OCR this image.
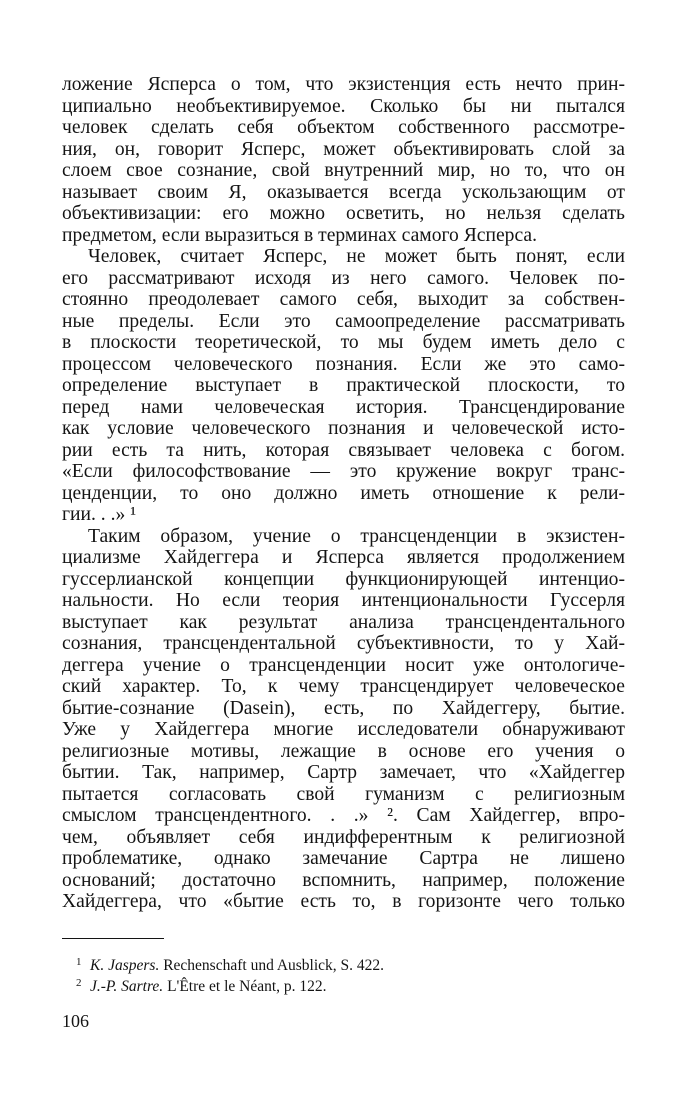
ложение Ясперса о том, что экзистенция есть нечто прин-
ципиально необъективируемое. Сколько бы ни пытался
человек сделать себя объектом собственного рассмотре-
ния, он, говорит Ясперс, может объективировать слой за
слоем свое сознание, свой внутренний мир, но то, что он
называет своим Я, оказывается всегда ускользающим от
объективизации: его можно осветить, но нельзя сделать
предметом, если выразиться в терминах самого Ясперса.
Человек, считает Ясперс, не может быть понят, если
его рассматривают исходя из него самого. Человек по-
стоянно преодолевает самого себя, выходит за собствен-
ные пределы. Если это самоопределение рассматривать
в плоскости теоретической, то мы будем иметь дело с
процессом человеческого познания. Если же это само-
определение выступает в практической плоскости, то
перед нами человеческая история. Трансцендирование
как условие человеческого познания и человеческой исто-
рии есть та нить, которая связывает человека с богом.
«Если философствование — это кружение вокруг транс-
ценденции, то оно должно иметь отношение к рели-
гии. . .» ¹
Таким образом, учение о трансценденции в экзистен-
циализме Хайдеггера и Ясперса является продолжением
гуссерлианской концепции функционирующей интенцио-
нальности. Но если теория интенциональности Гуссерля
выступает как результат анализа трансцендентального
сознания, трансцендентальной субъективности, то у Хай-
деггера учение о трансценденции носит уже онтологиче-
ский характер. То, к чему трансцендирует человеческое
бытие-сознание (Dasein), есть, по Хайдеггеру, бытие.
Уже у Хайдеггера многие исследователи обнаруживают
религиозные мотивы, лежащие в основе его учения о
бытии. Так, например, Сартр замечает, что «Хайдеггер
пытается согласовать свой гуманизм с религиозным
смыслом трансцендентного. . .» ². Сам Хайдеггер, впро-
чем, объявляет себя индифферентным к религиозной
проблематике, однако замечание Сартра не лишено
оснований; достаточно вспомнить, например, положение
Хайдеггера, что «бытие есть то, в горизонте чего только
1 K. Jaspers. Rechenschaft und Ausblick, S. 422.
2 J.-P. Sartre. L'Être et le Néant, p. 122.
106
